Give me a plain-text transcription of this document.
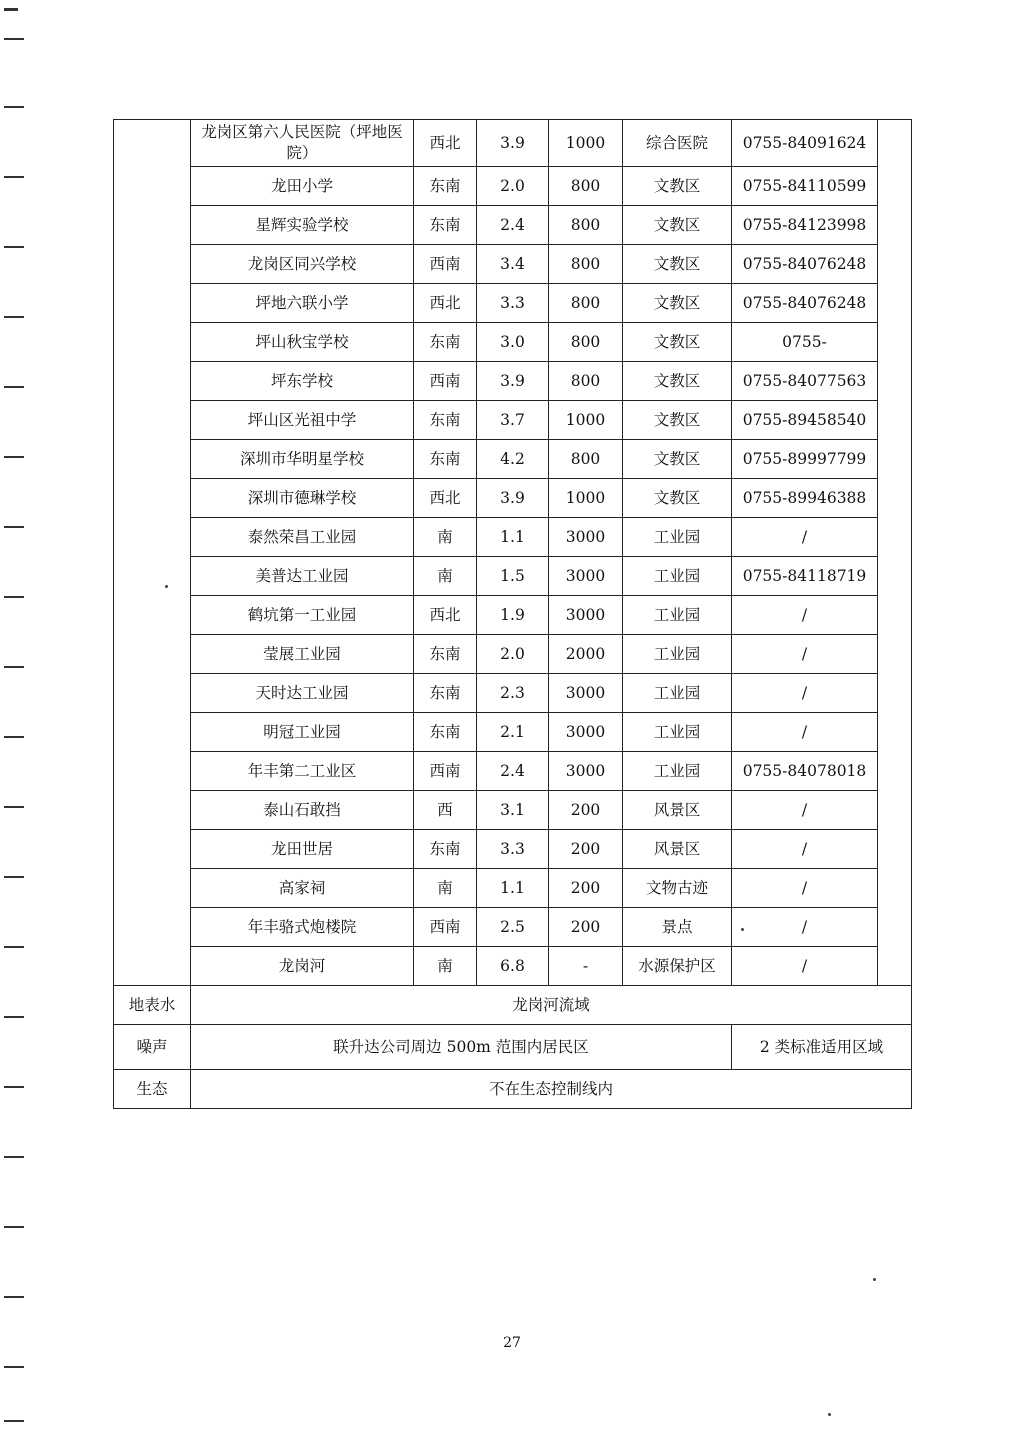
	龙岗区第六人民医院（坪地医院）	西北	3.9	1000	综合医院	0755-84091624	
	龙田小学	东南	2.0	800	文教区	0755-84110599	
	星辉实验学校	东南	2.4	800	文教区	0755-84123998	
	龙岗区同兴学校	西南	3.4	800	文教区	0755-84076248	
	坪地六联小学	西北	3.3	800	文教区	0755-84076248	
	坪山秋宝学校	东南	3.0	800	文教区	0755-	
	坪东学校	西南	3.9	800	文教区	0755-84077563	
	坪山区光祖中学	东南	3.7	1000	文教区	0755-89458540	
	深圳市华明星学校	东南	4.2	800	文教区	0755-89997799	
	深圳市德琳学校	西北	3.9	1000	文教区	0755-89946388	
	泰然荣昌工业园	南	1.1	3000	工业园	/	
	美普达工业园	南	1.5	3000	工业园	0755-84118719	
	鹤坑第一工业园	西北	1.9	3000	工业园	/	
	莹展工业园	东南	2.0	2000	工业园	/	
	天时达工业园	东南	2.3	3000	工业园	/	
	明冠工业园	东南	2.1	3000	工业园	/	
	年丰第二工业区	西南	2.4	3000	工业园	0755-84078018	
	泰山石敢挡	西	3.1	200	风景区	/	
	龙田世居	东南	3.3	200	风景区	/	
	高家祠	南	1.1	200	文物古迹	/	
	年丰骆式炮楼院	西南	2.5	200	景点	/	
	龙岗河	南	6.8	-	水源保护区	/	
地表水	龙岗河流域						
噪声	联升达公司周边 500m 范围内居民区					2 类标准适用区域	
生态	不在生态控制线内						
27
